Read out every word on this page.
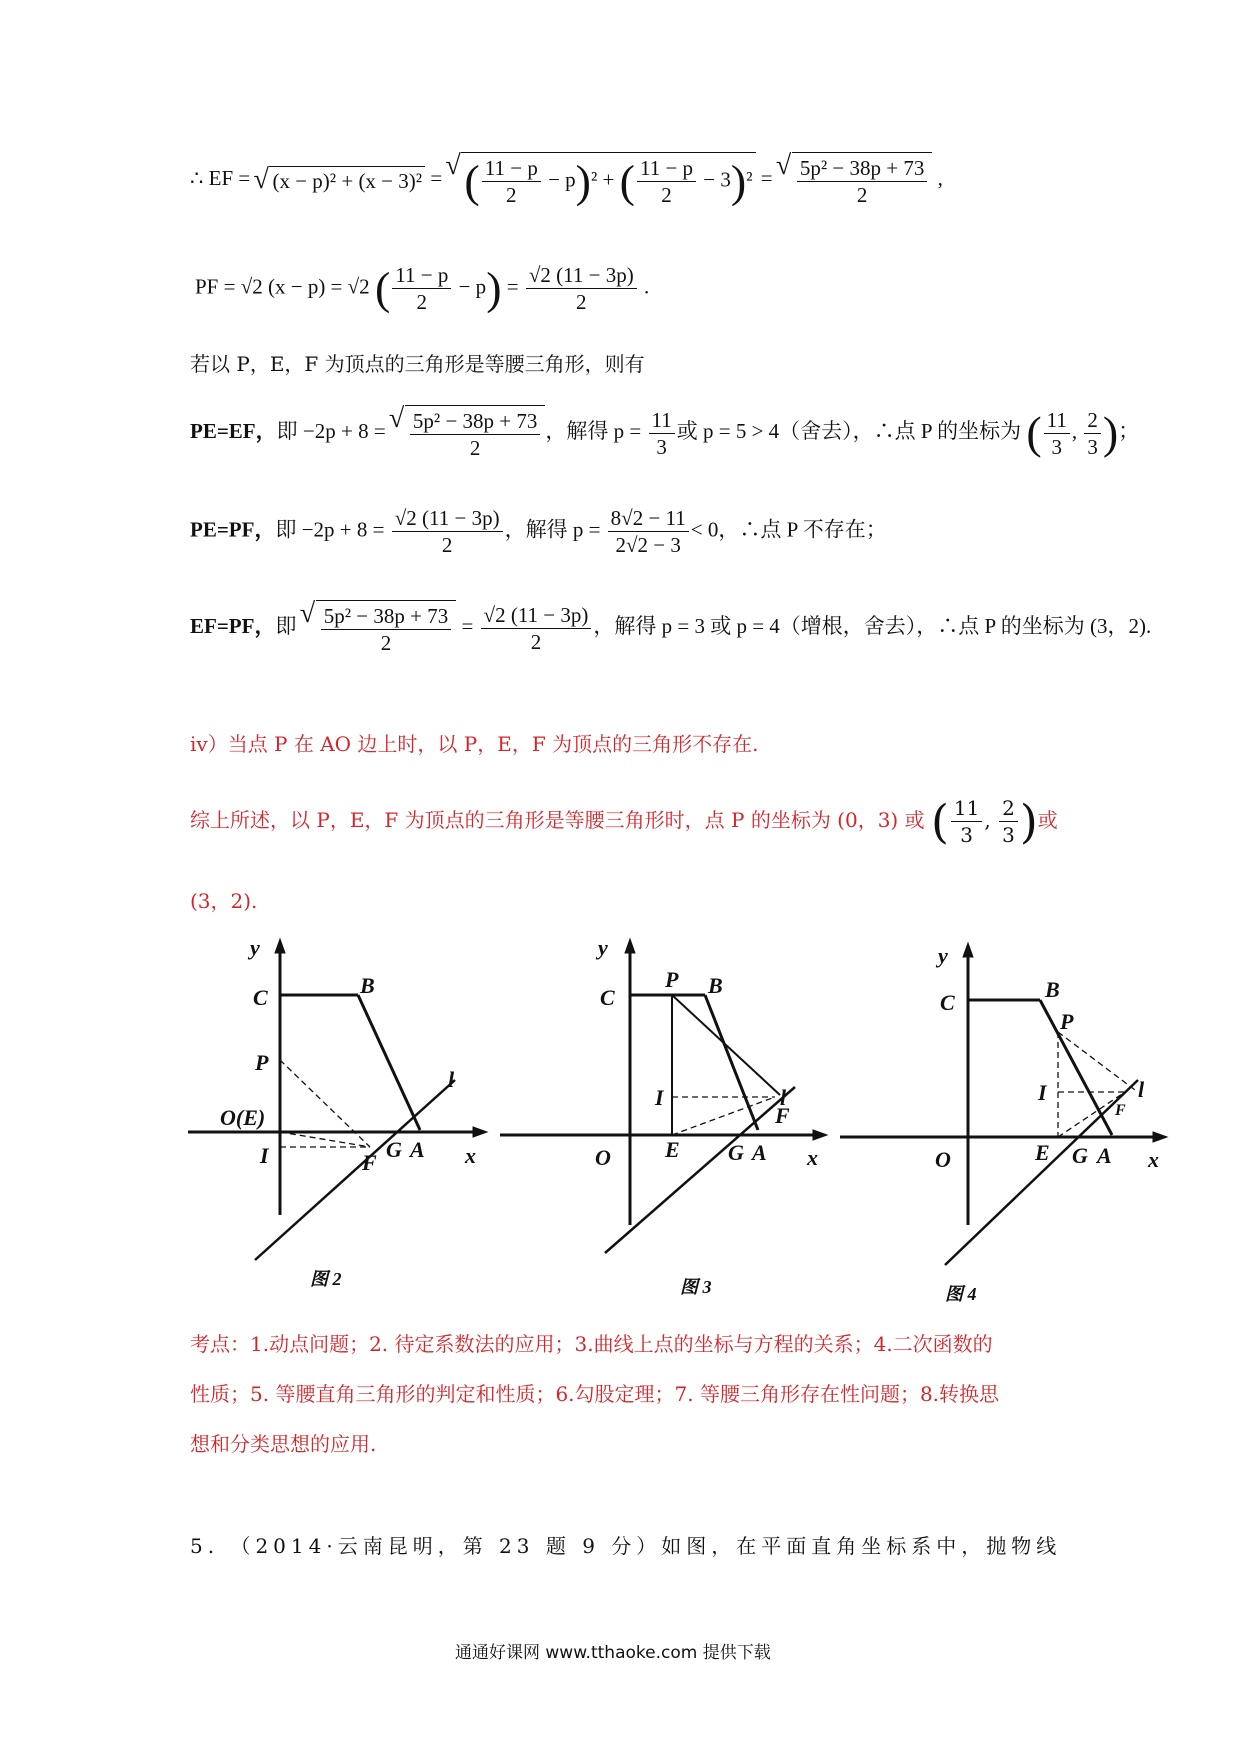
∴ EF = √ (x − p)² + (x − 3)² = √ ( $\frac{11 - p}{2} - p)^2$ + ( $\frac{11 - p}{2} - 3)^2$ = √ $\frac{\text{5p² − 38p + 73}}{2}$ ,
PF = √2 (x − p) = √2 ( $\frac{11 - p}{2} - p) = \frac{√2 (11 - 3p)}{2}$ .
若以 P，E，F 为顶点的三角形是等腰三角形，则有
PE=EF，即 −2p + 8 = √ $\frac{\text{5p² − 38p + 73}}{2}$ ，解得 $p = \frac{11}{3}$ 或 p = 5 > 4（舍去），∴点 P 的坐标为 ( $\frac{11}{3}$ , $\frac{2}{3}$ )；
PE=PF，即 $-2p + 8 = \frac{√2 (11 - 3p)}{2}$ ，解得 $p = \frac{8√2 - 11}{2√2 - 3} < 0$，∴点 P 不存在；
EF=PF，即 √ $\frac{\text{5p² − 38p + 73}}{2} = \frac{√2 (11 - 3p)}{2}$ ，解得 p = 3 或 p = 4（增根，舍去），∴点 P 的坐标为 (3，2).
iv）当点 P 在 AO 边上时，以 P，E，F 为顶点的三角形不存在.
综上所述，以 P，E，F 为顶点的三角形是等腰三角形时，点 P 的坐标为 (0，3) 或 ( $\frac{11}{3}$ , $\frac{2}{3}$ )或
(3，2).
y
C	B
P
O(E)
I	F
G A
l
x
图 2
y
C
P B
I	l
F
E
O	G A x
图 3
y
C
B
P
I	l
F
E
O	G A x
图 4
考点：1.动点问题；2. 待定系数法的应用；3.曲线上点的坐标与方程的关系；4.二次函数的
性质；5. 等腰直角三角形的判定和性质；6.勾股定理；7. 等腰三角形存在性问题；8.转换思
想和分类思想的应用.
5. （2014·云南昆明，第 23 题 9 分）如图，在平面直角坐标系中，抛物线
通通好课网 www.tthaoke.com 提供下载
